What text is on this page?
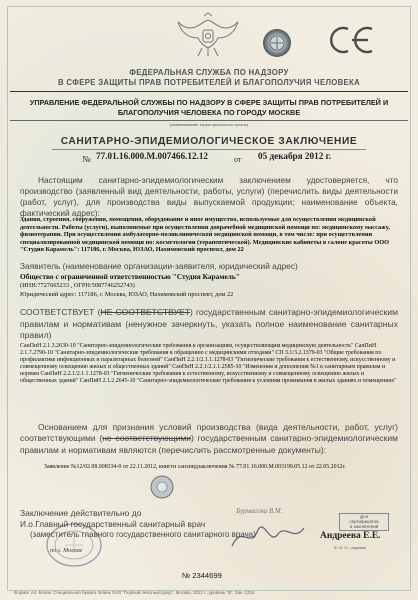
ФЕДЕРАЛЬНАЯ СЛУЖБА ПО НАДЗОРУ
В СФЕРЕ ЗАЩИТЫ ПРАВ ПОТРЕБИТЕЛЕЙ И БЛАГОПОЛУЧИЯ ЧЕЛОВЕКА
УПРАВЛЕНИЕ ФЕДЕРАЛЬНОЙ СЛУЖБЫ ПО НАДЗОРУ В СФЕРЕ ЗАЩИТЫ ПРАВ ПОТРЕБИТЕЛЕЙ И БЛАГОПОЛУЧИЯ ЧЕЛОВЕКА ПО ГОРОДУ МОСКВЕ
(наименование территориального органа)
САНИТАРНО-ЭПИДЕМИОЛОГИЧЕСКОЕ ЗАКЛЮЧЕНИЕ
№ 77.01.16.000.М.007466.12.12	от 05 декабря 2012 г.
Настоящим санитарно-эпидемиологическим заключением удостоверяется, что производство (заявленный вид деятельности, работы, услуги) (перечислить виды деятельности (работ, услуг), для производства виды выпускаемой продукции; наименование объекта, фактический адрес):
Здания, строения, сооружения, помещения, оборудование и иное имущество, используемые для осуществления медицинской деятельности. Работы (услуги), выполняемые при осуществлении доврачебной медицинской помощи по: медицинскому массажу, физиотерапии. При осуществлении амбулаторно-поликлинической медицинской помощи, в том числе: при осуществлении специализированной медицинской помощи по: косметологии (терапевтической). Медицинские кабинеты в салоне красоты ООО "Студия Карамель": 117186, г. Москва, ЮЗАО, Нахимовский проспект, дом 22
Заявитель (наименование организации-заявителя, юридический адрес)
Общество с ограниченной ответственностью "Студия Карамель"
(ИНН:7727665233 , ОГРН:5087746252743)
Юридический адрес: 117186, г. Москва, ЮЗАО, Нахимовский проспект, дом 22
СООТВЕТСТВУЕТ (НЕ СООТВЕТСТВУЕТ) государственным санитарно-эпидемиологическим правилам и нормативам (ненужное зачеркнуть, указать полное наименование санитарных правил)
СанПиН 2.1.3.2630-10 "Санитарно-эпидемиологические требования к организациям, осуществляющим медицинскую деятельность" СанПиН 2.1.7.2790-10 "Санитарно-эпидемиологические требования к обращению с медицинскими отходами" СП 3.1/3.2.1379-03 "Общие требования по профилактике инфекционных и паразитарных болезней" СанПиН 2.2.1/2.1.1.1278-03 "Гигиенические требования к естественному, искусственному и совмещенному освещению жилых и общественных зданий" СанПиН 2.2.1/2.1.1.2585-10 "Изменения и дополнения №1 к санитарным правилам и нормам СанПиН 2.2.1/2.1.1.1278-03 "Гигиенические требования к естественному, искусственному и совмещенному освещению жилых и общественных зданий" СанПиН 2.1.2.2645-10 "Санитарно-эпидемиологические требования к условиям проживания в жилых зданиях и помещениях"
Основанием для признания условий производства (вида деятельности, работ, услуг) соответствующими (не соответствующими) государственным санитарно-эпидемиологическим правилам и нормативам являются (перечислить рассмотренные документы):
Заявление №12/02.08.008334-0 от 22.11.2012, книгги санэпидзаключения № 77.01.16.000.М.003199.05.12 от 22.05.2012г.
Заключение действительно до
И.о.Главный государственный санитарный врач
(заместитель главного государственного санитарного врача)
по г. Москве
Бурмасова В.М.
Для
сертификатов
и заключений
Андреева Е.Е.
Ф. И. О., подпись
№ 2344699
Формат А4. Бланк. Специальная бумага. Бланк ОАО "Первый печатный двор". Москва, 2012 г., уровень "В". Зак. 1234.
